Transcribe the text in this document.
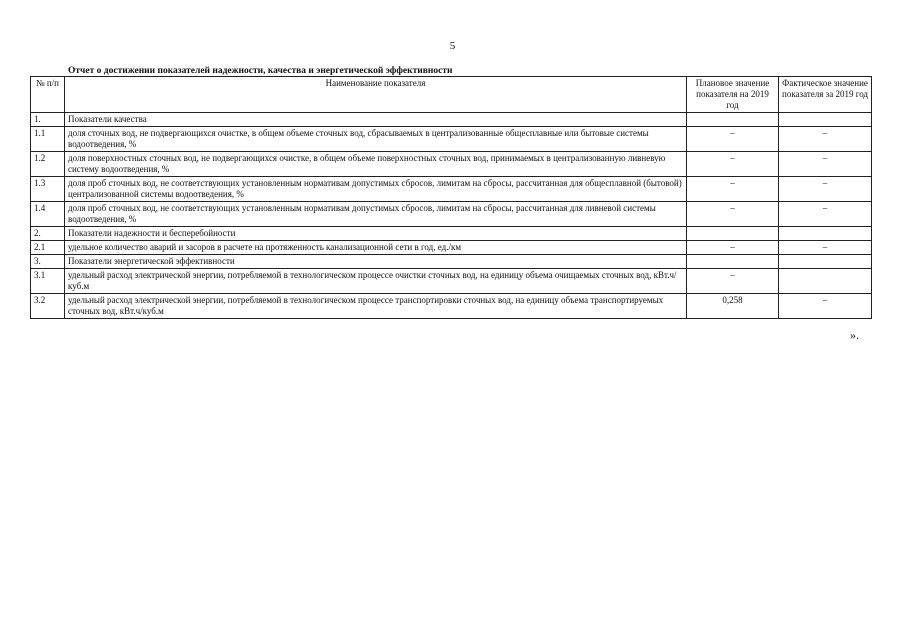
5
Отчет о достижении показателей надежности, качества и энергетической эффективности
№ п/п	Наименование показателя	Плановое значение показателя на 2019 год	Фактическое значение показателя за 2019 год
1.	Показатели качества		
1.1	доля сточных вод, не подвергающихся очистке, в общем объеме сточных вод, сбрасываемых в централизованные общесплавные или бытовые системы водоотведения, %	–	–
1.2	доля поверхностных сточных вод, не подвергающихся очистке, в общем объеме поверхностных сточных вод, принимаемых в централизованную ливневую систему водоотведения, %	–	–
1.3	доля проб сточных вод, не соответствующих установленным нормативам допустимых сбросов, лимитам на сбросы, рассчитанная для общесплавной (бытовой) централизованной системы водоотведения, %	–	–
1.4	доля проб сточных вод, не соответствующих установленным нормативам допустимых сбросов, лимитам на сбросы, рассчитанная для ливневой системы водоотведения, %	–	–
2.	Показатели надежности и бесперебойности		
2.1	удельное количество аварий и засоров в расчете на протяженность канализационной сети в год, ед./км	–	–
3.	Показатели энергетической эффективности		
3.1	удельный расход электрической энергии, потребляемой в технологическом процессе очистки сточных вод, на единицу объема очищаемых сточных вод, кВт.ч/куб.м	–	
3.2	удельный расход электрической энергии, потребляемой в технологическом процессе транспортировки сточных вод, на единицу объема транспортируемых сточных вод, кВт.ч/куб.м	0,258	–
».
